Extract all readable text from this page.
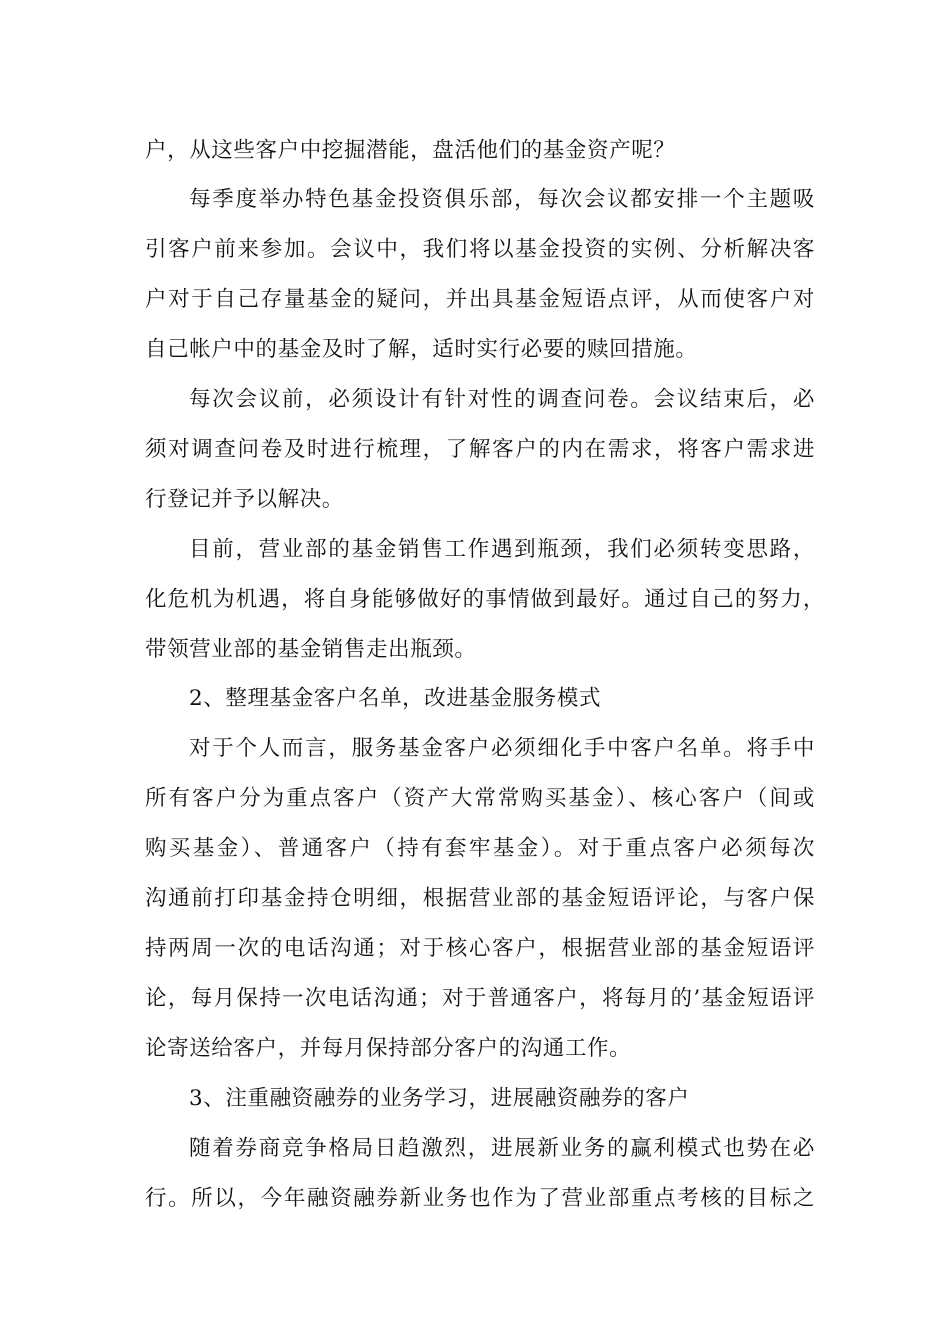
户，从这些客户中挖掘潜能，盘活他们的基金资产呢？
每季度举办特色基金投资俱乐部，每次会议都安排一个主题吸
引客户前来参加。会议中，我们将以基金投资的实例、分析解决客
户对于自己存量基金的疑问，并出具基金短语点评，从而使客户对
自己帐户中的基金及时了解，适时实行必要的赎回措施。
每次会议前，必须设计有针对性的调查问卷。会议结束后，必
须对调查问卷及时进行梳理，了解客户的内在需求，将客户需求进
行登记并予以解决。
目前，营业部的基金销售工作遇到瓶颈，我们必须转变思路，
化危机为机遇，将自身能够做好的事情做到最好。通过自己的努力，
带领营业部的基金销售走出瓶颈。
2、整理基金客户名单，改进基金服务模式
对于个人而言，服务基金客户必须细化手中客户名单。将手中
所有客户分为重点客户（资产大常常购买基金）、核心客户（间或
购买基金）、普通客户（持有套牢基金）。对于重点客户必须每次
沟通前打印基金持仓明细，根据营业部的基金短语评论，与客户保
持两周一次的电话沟通；对于核心客户，根据营业部的基金短语评
论，每月保持一次电话沟通；对于普通客户，将每月的’基金短语评
论寄送给客户，并每月保持部分客户的沟通工作。
3、注重融资融券的业务学习，进展融资融券的客户
随着券商竞争格局日趋激烈，进展新业务的赢利模式也势在必
行。所以，今年融资融券新业务也作为了营业部重点考核的目标之
